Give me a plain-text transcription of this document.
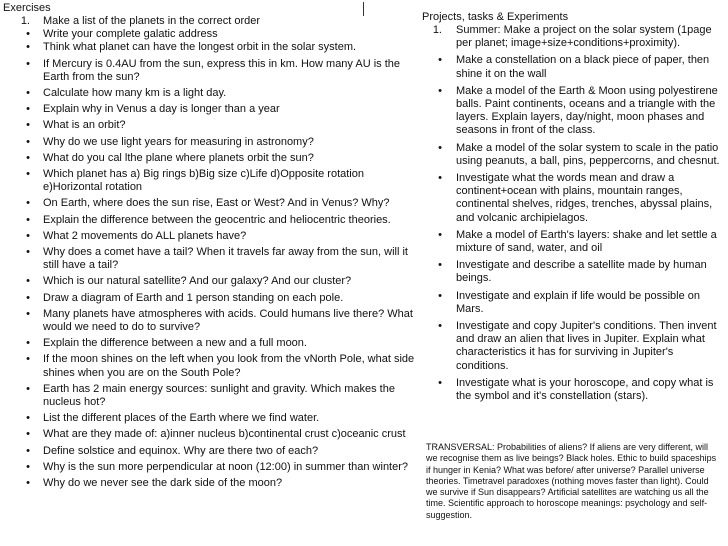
Exercises
1. Make a list of the planets in the correct order
• Write your complete galatic address
• Think what planet can have the longest orbit in the solar system.
• If Mercury is 0.4AU from the sun, express this in km. How many AU is the Earth from the sun?
• Calculate how many km is a light day.
• Explain why in Venus a day is longer than a year
• What is an orbit?
• Why do we use light years for measuring in astronomy?
• What do you cal lthe plane where planets orbit the sun?
• Which planet has a) Big rings b)Big size c)Life d)Opposite rotation e)Horizontal rotation
• On Earth, where does the sun rise, East or West? And in Venus? Why?
• Explain the difference between the geocentric and heliocentric theories.
• What 2 movements do ALL planets have?
• Why does a comet have a tail? When it travels far away from the sun, will it still have a tail?
• Which is our natural satellite? And our galaxy? And our cluster?
• Draw a diagram of Earth and 1 person standing on each pole.
• Many planets have atmospheres with acids. Could humans live there? What would we need to do to survive?
• Explain the difference between a new and a full moon.
• If the moon shines on the left when you look from the vNorth Pole, what side shines when you are on the South Pole?
• Earth has 2 main energy sources: sunlight and gravity. Which makes the nucleus hot?
• List the different places of the Earth where we find water.
• What are they made of: a)inner nucleus b)continental crust c)oceanic crust
• Define solstice and equinox. Why are there two of each?
• Why is the sun more perpendicular at noon (12:00) in summer than winter?
• Why do we never see the dark side of the moon?
Projects, tasks & Experiments
1. Summer: Make a project on the solar system (1page per planet; image+size+conditions+proximity).
• Make a constellation on a black piece of paper, then shine it on the wall
• Make a model of the Earth & Moon using polyestirene balls. Paint continents, oceans and a triangle with the layers. Explain layers, day/night, moon phases and seasons in front of the class.
• Make a model of the solar system to scale in the patio using peanuts, a ball, pins, peppercorns, and chesnut.
• Investigate what the words mean and draw a continent+ocean with plains, mountain ranges, continental shelves, ridges, trenches, abyssal plains, and volcanic archipielagos.
• Make a model of Earth's layers: shake and let settle a mixture of sand, water, and oil
• Investigate and describe a satellite made by human beings.
• Investigate and explain if life would be possible on Mars.
• Investigate and copy Jupiter's conditions. Then invent and draw an alien that lives in Jupiter. Explain what characteristics it has for surviving in Jupiter's conditions.
• Investigate what is your horoscope, and copy what is the symbol and it's constellation (stars).
TRANSVERSAL: Probabilities of aliens? If aliens are very different, will we recognise them as live beings? Black holes. Ethic to build spaceships if hunger in Kenia? What was before/ after universe? Parallel universe theories. Timetravel paradoxes (nothing moves faster than light). Could we survive if Sun disappears? Artificial satellites are watching us all the time. Scientific approach to horoscope meanings: psychology and self-suggestion.
